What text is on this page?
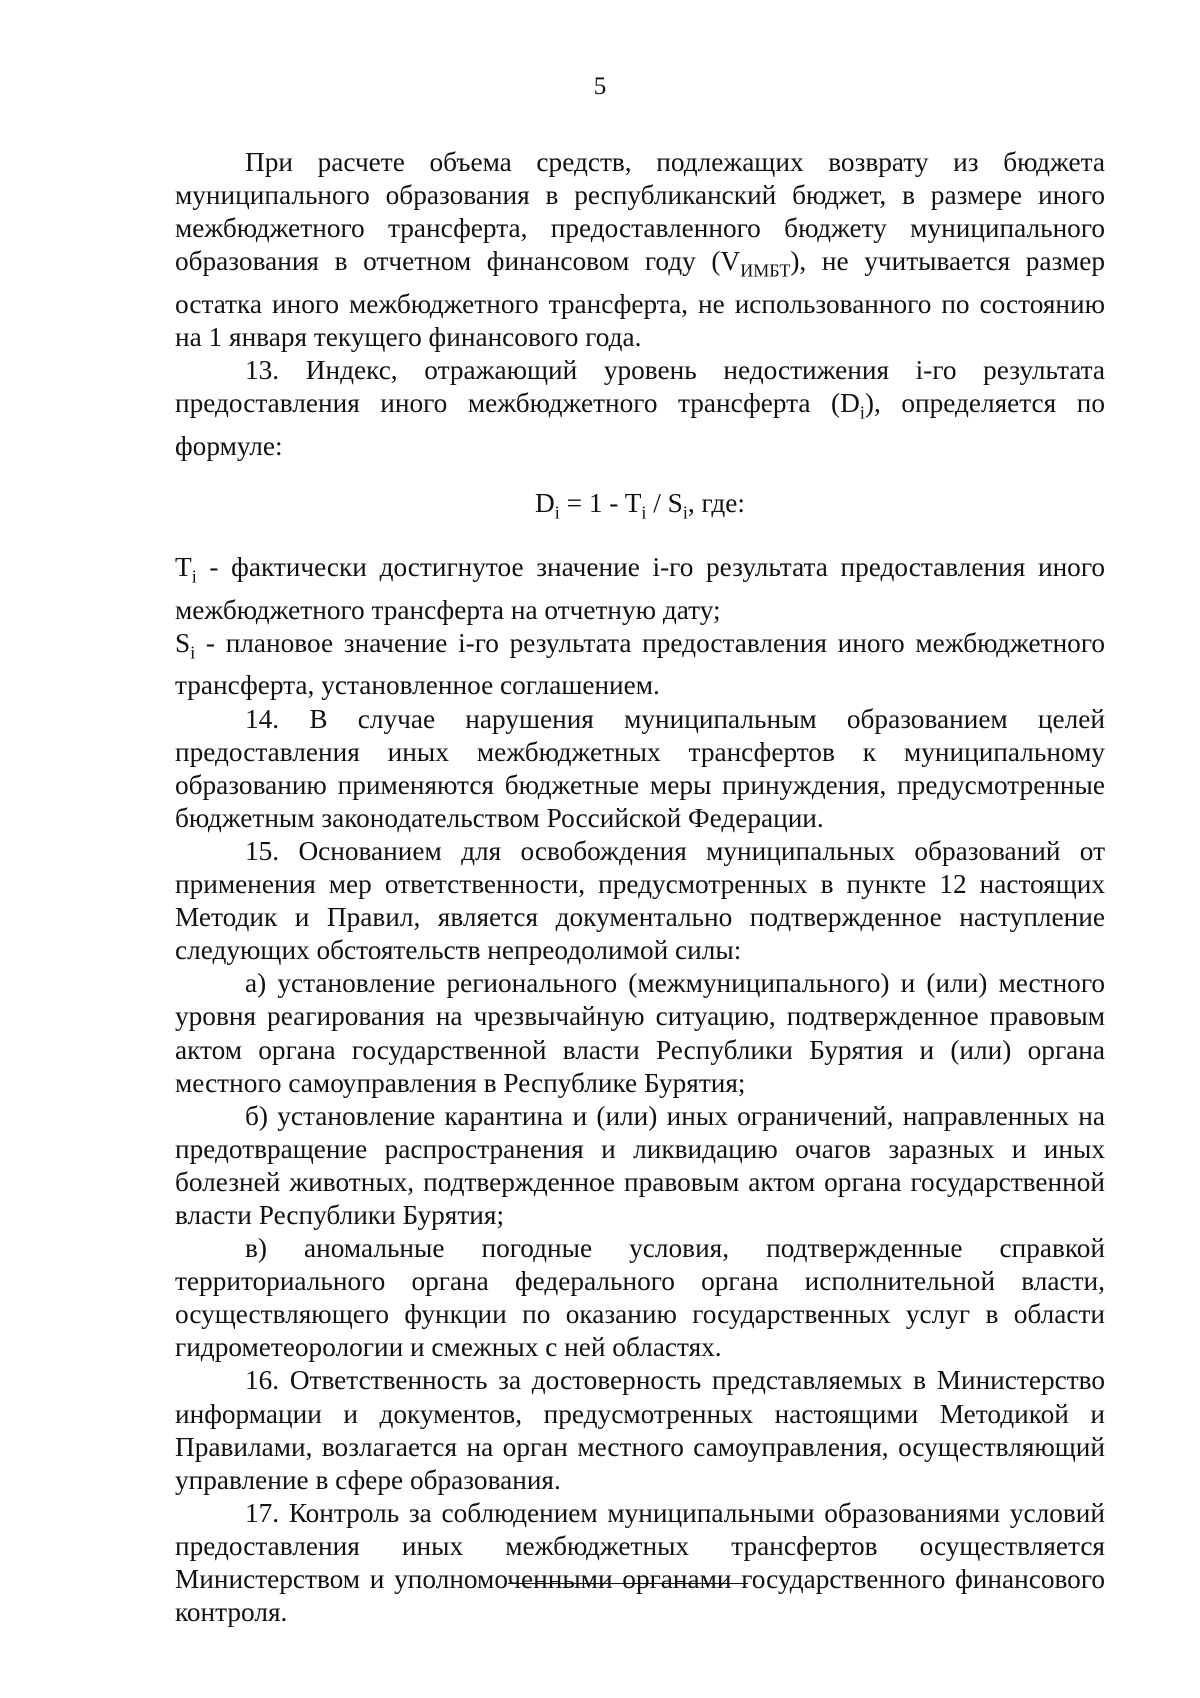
5

При расчете объема средств, подлежащих возврату из бюджета муниципального образования в республиканский бюджет, в размере иного межбюджетного трансферта, предоставленного бюджету муниципального образования в отчетном финансовом году $(V_{ИМБТ})$, не учитывается размер остатка иного межбюджетного трансферта, не использованного по состоянию на 1 января текущего финансового года.

13. Индекс, отражающий уровень недостижения i-го результата предоставления иного межбюджетного трансферта $(D_i)$, определяется по формуле:

$D_i = 1 - T_i / S_i$, где:

$T_i$ - фактически достигнутое значение i-го результата предоставления иного межбюджетного трансферта на отчетную дату;

$S_i$ - плановое значение i-го результата предоставления иного межбюджетного трансферта, установленное соглашением.

14. В случае нарушения муниципальным образованием целей предоставления иных межбюджетных трансфертов к муниципальному образованию применяются бюджетные меры принуждения, предусмотренные бюджетным законодательством Российской Федерации.

15. Основанием для освобождения муниципальных образований от применения мер ответственности, предусмотренных в пункте 12 настоящих Методик и Правил, является документально подтвержденное наступление следующих обстоятельств непреодолимой силы:

а) установление регионального (межмуниципального) и (или) местного уровня реагирования на чрезвычайную ситуацию, подтвержденное правовым актом органа государственной власти Республики Бурятия и (или) органа местного самоуправления в Республике Бурятия;

б) установление карантина и (или) иных ограничений, направленных на предотвращение распространения и ликвидацию очагов заразных и иных болезней животных, подтвержденное правовым актом органа государственной власти Республики Бурятия;

в) аномальные погодные условия, подтвержденные справкой территориального органа федерального органа исполнительной власти, осуществляющего функции по оказанию государственных услуг в области гидрометеорологии и смежных с ней областях.

16. Ответственность за достоверность представляемых в Министерство информации и документов, предусмотренных настоящими Методикой и Правилами, возлагается на орган местного самоуправления, осуществляющий управление в сфере образования.

17. Контроль за соблюдением муниципальными образованиями условий предоставления иных межбюджетных трансфертов осуществляется Министерством и уполномоченными органами государственного финансового контроля.
